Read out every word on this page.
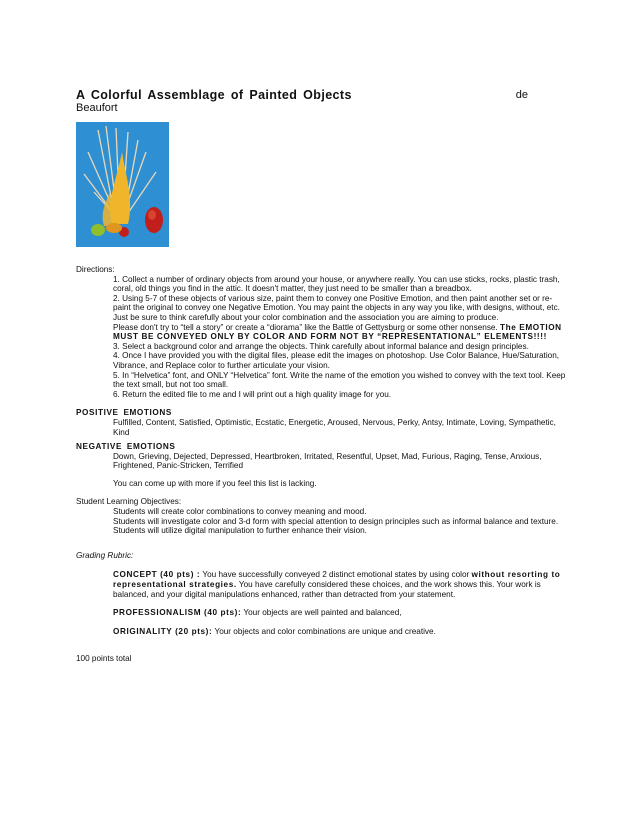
A Colorful Assemblage of Painted Objects	de
Beaufort

Directions:

1. Collect a number of ordinary objects from around your house, or anywhere really. You can use sticks, rocks, plastic trash, coral, old things you find in the attic. It doesn't matter, they just need to be smaller than a breadbox.

2. Using 5-7 of these objects of various size, paint them to convey one Positive Emotion, and then paint another set or re-paint the original to convey one Negative Emotion. You may paint the objects in any way you like, with designs, without, etc. Just be sure to think carefully about your color combination and the association you are aiming to produce.

Please don't try to “tell a story” or create a “diorama” like the Battle of Gettysburg or some other nonsense. The EMOTION MUST BE CONVEYED ONLY BY COLOR AND FORM NOT BY “REPRESENTATIONAL” ELEMENTS!!!!

3. Select a background color and arrange the objects. Think carefully about informal balance and design principles.

4. Once I have provided you with the digital files, please edit the images on photoshop. Use Color Balance, Hue/Saturation, Vibrance, and Replace color to further articulate your vision.

5. In “Helvetica” font, and ONLY “Helvetica” font. Write the name of the emotion you wished to convey with the text tool. Keep the text small, but not too small.

6. Return the edited file to me and I will print out a high quality image for you.

POSITIVE EMOTIONS

Fulfilled, Content, Satisfied, Optimistic, Ecstatic, Energetic, Aroused, Nervous, Perky, Antsy, Intimate, Loving, Sympathetic, Kind

NEGATIVE EMOTIONS

Down, Grieving, Dejected, Depressed, Heartbroken, Irritated, Resentful, Upset, Mad, Furious, Raging, Tense, Anxious, Frightened, Panic-Stricken, Terrified

You can come up with more if you feel this list is lacking.

Student Learning Objectives:

Students will create color combinations to convey meaning and mood.

Students will investigate color and 3-d form with special attention to design principles such as informal balance and texture.

Students will utilize digital manipulation to further enhance their vision.

Grading Rubric:

CONCEPT (40 pts) : You have successfully conveyed 2 distinct emotional states by using color without resorting to representational strategies. You have carefully considered these choices, and the work shows this. Your work is balanced, and your digital manipulations enhanced, rather than detracted from your statement.

PROFESSIONALISM (40 pts): Your objects are well painted and balanced,

ORIGINALITY (20 pts): Your objects and color combinations are unique and creative.

100 points total
